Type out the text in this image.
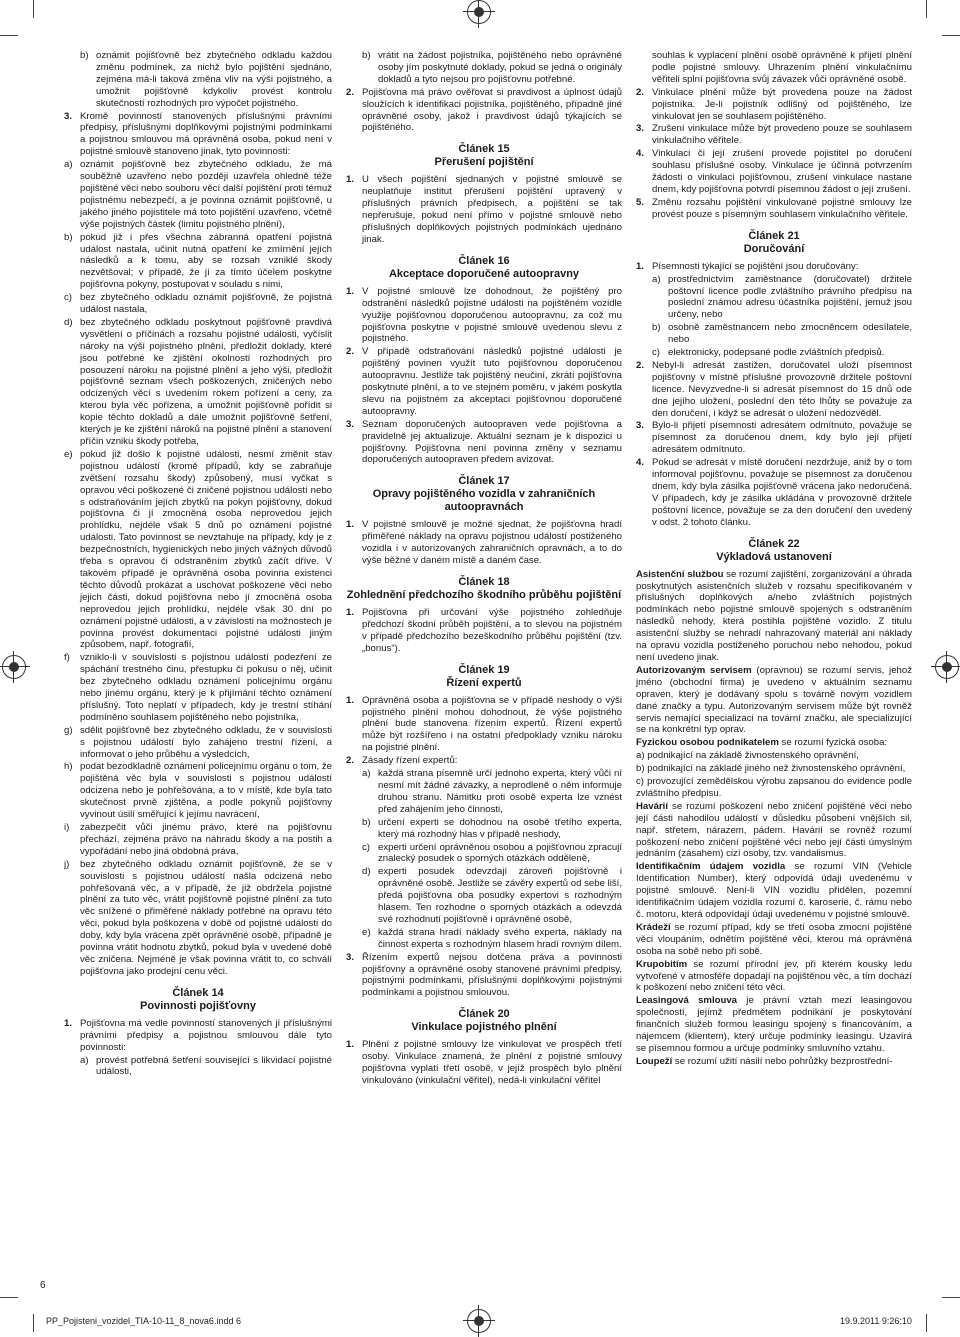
b) oznámit pojišťovně bez zbytečného odkladu každou změnu podmínek, za nichž bylo pojištění sjednáno, zejména má-li taková změna vliv na výši pojistného, a umožnit pojišťovně kdykoliv provést kontrolu skutečností rozhodných pro výpočet pojistného.
3. Kromě povinností stanovených příslušnými právními předpisy, příslušnými doplňkovými pojistnými podmínkami a pojistnou smlouvou má oprávněná osoba, pokud není v pojistné smlouvě stanoveno jinak, tyto povinnosti:
a) oznámit pojišťovně bez zbytečného odkladu, že má souběžně uzavřeno nebo později uzavřela ohledně téže pojištěné věci nebo souboru věcí další pojištění proti témuž pojistnému nebezpečí, a je povinna oznámit pojišťovně, u jakého jiného pojistitele má toto pojištění uzavřeno, včetně výše pojistných částek (limitu pojistného plnění),
b) pokud již i přes všechna zábranná opatření pojistná událost nastala, učinit nutná opatření ke zmírnění jejích následků a k tomu, aby se rozsah vzniklé škody nezvětšoval; v případě, že jí za tímto účelem poskytne pojišťovna pokyny, postupovat v souladu s nimi,
c) bez zbytečného odkladu oznámit pojišťovně, že pojistná událost nastala,
d) bez zbytečného odkladu poskytnout pojišťovně pravdivá vysvětlení o příčinách a rozsahu pojistné události, vyčíslit nároky na výši pojistného plnění, předložit doklady, které jsou potřebné ke zjištění okolností rozhodných pro posouzení nároku na pojistné plnění a jeho výši, předložit pojišťovně seznam všech poškozených, zničených nebo odcizených věcí s uvedením rokem pořízení a ceny, za kterou byla věc pořízena, a umožnit pojišťovně pořídit si kopie těchto dokladů a dále umožnit pojišťovně šetření, kterých je ke zjištění nároků na pojistné plnění a stanovení příčin vzniku škody potřeba,
e) pokud již došlo k pojistné události, nesmí změnit stav pojistnou událostí (kromě případů, kdy se zabraňuje zvětšení rozsahu škody) způsobený, musí vyčkat s opravou věci poškozené či zničené pojistnou událostí nebo s odstraňováním jejích zbytků na pokyn pojišťovny, dokud pojišťovna či jí zmocněná osoba neprovedou jejich prohlídku, nejdéle však 5 dnů po oznámení pojistné události. Tato povinnost se nevztahuje na případy, kdy je z bezpečnostních, hygienických nebo jiných vážných důvodů třeba s opravou či odstraněním zbytků začít dříve. V takovém případě je oprávněná osoba povinna existenci těchto důvodů prokázat a uschovat poškozené věci nebo jejich části, dokud pojišťovna nebo jí zmocněná osoba neprovedou jejich prohlídku, nejdéle však 30 dní po oznámení pojistné události, a v závislosti na možnostech je povinna provést dokumentaci pojistné události jiným způsobem, např. fotografií,
f) vzniklo-li v souvislosti s pojistnou událostí podezření ze spáchání trestného činu, přestupku či pokusu o něj, učinit bez zbytečného odkladu oznámení policejnímu orgánu nebo jinému orgánu, který je k přijímání těchto oznámení příslušný. Toto neplatí v případech, kdy je trestní stíhání podmíněno souhlasem pojištěného nebo pojistníka,
g) sdělit pojišťovně bez zbytečného odkladu, že v souvislosti s pojistnou událostí bylo zahájeno trestní řízení, a informovat o jeho průběhu a výsledcích,
h) podat bezodkladně oznámení policejnímu orgánu o tom, že pojištěná věc byla v souvislosti s pojistnou událostí odcizena nebo je pohřešována, a to v místě, kde byla tato skutečnost prvně zjištěna, a podle pokynů pojišťovny vyvinout úsilí směřující k jejímu navrácení,
i) zabezpečit vůči jinému právo, které na pojišťovnu přechází, zejména právo na náhradu škody a na postih a vypořádání nebo jiná obdobná práva,
j) bez zbytečného odkladu oznámit pojišťovně, že se v souvislosti s pojistnou událostí našla odcizená nebo pohřešovaná věc, a v případě, že již obdržela pojistné plnění za tuto věc, vrátit pojišťovně pojistné plnění za tuto věc snížené o přiměřené náklady potřebné na opravu této věci, pokud byla poškozena v době od pojistné události do doby, kdy byla vrácena zpět oprávněné osobě, případně je povinna vrátit hodnotu zbytků, pokud byla v uvedené době věc zničena. Nejméně je však povinna vrátit to, co schválí pojišťovna jako prodejní cenu věci.
Článek 14
Povinnosti pojišťovny
1. Pojišťovna má vedle povinností stanovených jí příslušnými právními předpisy a pojistnou smlouvou dále tyto povinnosti:
a) provést potřebná šetření související s likvidací pojistné události,
b) vrátit na žádost pojistníka, pojištěného nebo oprávněné osoby jím poskytnuté doklady, pokud se jedná o originály dokladů a tyto nejsou pro pojišťovnu potřebné.
2. Pojišťovna má právo ověřovat si pravdivost a úplnost údajů sloužících k identifikaci pojistníka, pojištěného, případně jiné oprávněné osoby, jakož i pravdivost údajů týkajících se pojištěného.
Článek 15
Přerušení pojištění
1. U všech pojištění sjednaných v pojistné smlouvě se neuplatňuje institut přerušení pojištění upravený v příslušných právních předpisech, a pojištění se tak nepřerušuje, pokud není přímo v pojistné smlouvě nebo příslušných doplňkových pojistných podmínkách ujednáno jinak.
Článek 16
Akceptace doporučené autoopravny
1. V pojistné smlouvě lze dohodnout, že pojištěný pro odstranění následků pojistné události na pojištěném vozidle využije pojišťovnou doporučenou autoopravnu, za což mu pojišťovna poskytne v pojistné smlouvě uvedenou slevu z pojistného.
2. V případě odstraňování následků pojistné události je pojištěný povinen využít tuto pojišťovnou doporučenou autoopravnu. Jestliže tak pojištěný neučiní, zkrátí pojišťovna poskytnuté plnění, a to ve stejném poměru, v jakém poskytla slevu na pojistném za akceptaci pojišťovnou doporučené autoopravny.
3. Seznam doporučených autoopraven vede pojišťovna a pravidelně jej aktualizuje. Aktuální seznam je k dispozici u pojišťovny. Pojišťovna není povinna změny v seznamu doporučených autoopraven předem avizovat.
Článek 17
Opravy pojištěného vozidla v zahraničních autoopravnách
1. V pojistné smlouvě je možné sjednat, že pojišťovna hradí přiměřené náklady na opravu pojistnou událostí postiženého vozidla i v autorizovaných zahraničních opravnách, a to do výše běžné v daném místě a daném čase.
Článek 18
Zohlednění předchozího škodního průběhu pojištění
1. Pojišťovna při určování výše pojistného zohledňuje předchozí škodní průběh pojištění, a to slevou na pojistném v případě předchozího bezeškodního průběhu pojištění (tzv. „bonus“).
Článek 19
Řízení expertů
1. Oprávněná osoba a pojišťovna se v případě neshody o výši pojistného plnění mohou dohodnout, že výše pojistného plnění bude stanovena řízením expertů. Řízení expertů může být rozšířeno i na ostatní předpoklady vzniku nároku na pojistné plnění.
2. Zásady řízení expertů:
a) každá strana písemně určí jednoho experta, který vůči ní nesmí mít žádné závazky, a neprodleně o něm informuje druhou stranu. Námitku proti osobě experta lze vznést před zahájením jeho činnosti,
b) určení experti se dohodnou na osobě třetího experta, který má rozhodný hlas v případě neshody,
c) experti určení oprávněnou osobou a pojišťovnou zpracují znalecký posudek o sporných otázkách odděleně,
d) experti posudek odevzdají zároveň pojišťovně i oprávněné osobě. Jestliže se závěry expertů od sebe liší, předá pojišťovna oba posudky expertovi s rozhodným hlasem. Ten rozhodne o sporných otázkách a odevzdá své rozhodnutí pojišťovně i oprávněné osobě,
e) každá strana hradí náklady svého experta, náklady na činnost experta s rozhodným hlasem hradí rovným dílem.
3. Řízením expertů nejsou dotčena práva a povinnosti pojišťovny a oprávněné osoby stanovené právními předpisy, pojistnými podmínkami, příslušnými doplňkovými pojistnými podmínkami a pojistnou smlouvou.
Článek 20
Vinkulace pojistného plnění
1. Plnění z pojistné smlouvy lze vinkulovat ve prospěch třetí osoby. Vinkulace znamená, že plnění z pojistné smlouvy pojišťovna vyplatí třetí osobě, v jejíž prospěch bylo plnění vinkulováno (vinkulační věřitel), nedá-li vinkulační věřitel
souhlas k vyplacení plnění osobě oprávněné k přijetí plnění podle pojistné smlouvy. Uhrazením plnění vinkulačnímu věřiteli splní pojišťovna svůj závazek vůči oprávněné osobě.
2. Vinkulace plnění může být provedena pouze na žádost pojistníka. Je-li pojistník odlišný od pojištěného, lze vinkulovat jen se souhlasem pojištěného.
3. Zrušení vinkulace může být provedeno pouze se souhlasem vinkulačního věřitele.
4. Vinkulaci či její zrušení provede pojistitel po doručení souhlasu příslušné osoby. Vinkulace je účinná potvrzením žádosti o vinkulaci pojišťovnou, zrušení vinkulace nastane dnem, kdy pojišťovna potvrdí písemnou žádost o její zrušení.
5. Změnu rozsahu pojištění vinkulované pojistné smlouvy lze provést pouze s písemným souhlasem vinkulačního věřitele.
Článek 21
Doručování
1. Písemnosti týkající se pojištění jsou doručovány:
a) prostřednictvím zaměstnance (doručovatel) držitele poštovní licence podle zvláštního právního předpisu na poslední známou adresu účastníka pojištění, jemuž jsou určeny, nebo
b) osobně zaměstnancem nebo zmocněncem odesílatele, nebo
c) elektronicky, podepsané podle zvláštních předpisů.
2. Nebyl-li adresát zastižen, doručovatel uloží písemnost pojišťovny v místně příslušné provozovně držitele poštovní licence. Nevyzvedne-li si adresát písemnost do 15 dnů ode dne jejího uložení, poslední den této lhůty se považuje za den doručení, i když se adresát o uložení nedozvěděl.
3. Bylo-li přijetí písemnosti adresátem odmítnuto, považuje se písemnost za doručenou dnem, kdy bylo její přijetí adresátem odmítnuto.
4. Pokud se adresát v místě doručení nezdržuje, aniž by o tom informoval pojišťovnu, považuje se písemnost za doručenou dnem, kdy byla zásilka pojišťovně vrácena jako nedoručená. V případech, kdy je zásilka ukládána v provozovně držitele poštovní licence, považuje se za den doručení den uvedený v odst. 2 tohoto článku.
Článek 22
Výkladová ustanovení

Asistenční službou se rozumí zajištění, zorganizování a úhrada poskytnutých asistenčních služeb v rozsahu specifikovaném v příslušných doplňkových a/nebo zvláštních pojistných podmínkách nebo pojistné smlouvě spojených s odstraněním následků nehody, která postihla pojištěné vozidlo. Z titulu asistenční služby se nehradí nahrazovaný materiál ani náklady na opravu vozidla postiženého poruchou nebo nehodou, pokud není uvedeno jinak.

Autorizovaným servisem (opravnou) se rozumí servis, jehož jméno (obchodní firma) je uvedeno v aktuálním seznamu opraven, který je dodávaný spolu s továrně novým vozidlem dané značky a typu. Autorizovaným servisem může být rovněž servis nemající specializaci na tovární značku, ale specializující se na konkrétní typ oprav.

Fyzickou osobou podnikatelem se rozumí fyzická osoba:

a) podnikající na základě živnostenského oprávnění,

b) podnikající na základě jiného než živnostenského oprávnění,

c) provozující zemědělskou výrobu zapsanou do evidence podle zvláštního předpisu.

Havárií se rozumí poškození nebo zničení pojištěné věci nebo její části nahodilou událostí v důsledku působení vnějších sil, např. střetem, nárazem, pádem. Havárií se rovněž rozumí poškození nebo zničení pojištěné věci nebo její části úmyslným jednáním (zásahem) cizí osoby, tzv. vandalismus.

Identifikačním údajem vozidla se rozumí VIN (Vehicle Identification Number), který odpovídá údaji uvedenému v pojistné smlouvě. Není-li VIN vozidlu přidělen, pozemní identifikačním údajem vozidla rozumí č. karoserie, č. rámu nebo č. motoru, která odpovídají údaji uvedenému v pojistné smlouvě.

Krádeží se rozumí případ, kdy se třetí osoba zmocní pojištěné věci vloupáním, odnětím pojištěné věci, kterou má oprávněná osoba na sobě nebo při sobě.

Krupobitím se rozumí přírodní jev, při kterém kousky ledu vytvořené v atmosféře dopadají na pojištěnou věc, a tím dochází k poškození nebo zničení této věci.

Leasingová smlouva je právní vztah mezi leasingovou společností, jejímž předmětem podnikání je poskytování finančních služeb formou leasingu spojený s financováním, a nájemcem (klientem), který určuje podmínky leasingu. Uzavírá se písemnou formou a určuje podmínky smluvního vztahu.

Loupeží se rozumí užití násilí nebo pohrůžky bezprostřední-

6
PP_Pojisteni_vozidel_TIA-10-11_8_nova6.indd 6	19.9.2011 9:26:10
